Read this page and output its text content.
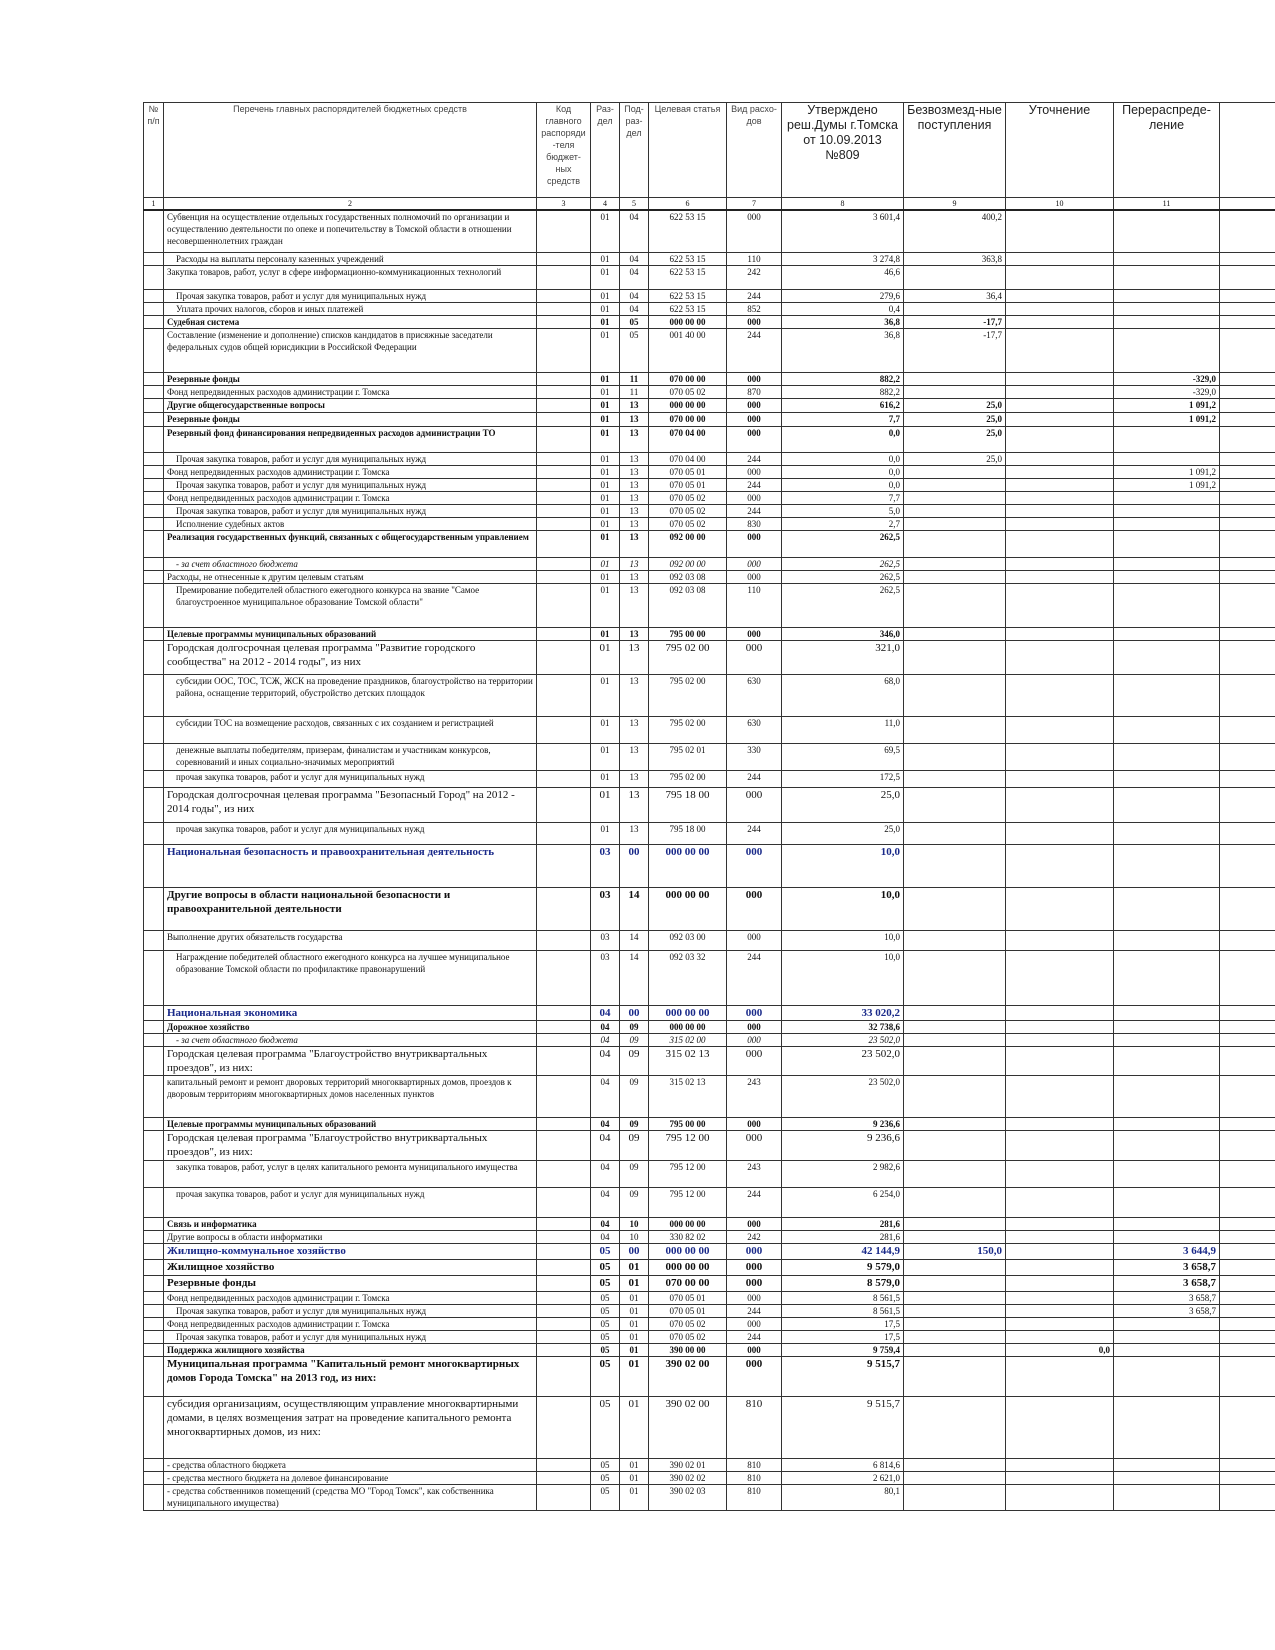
№ п/п	Перечень главных распорядителей бюджетных средств	Код главного распоряди-теля бюджет-ных средств	Раз-дел	Под-раз-дел	Целевая статья	Вид расхо-дов	Утверждено реш.Думы г.Томска от 10.09.2013 №809	Безвозмезд-ные поступления	Уточнение	Перераспреде-ление	
1	2	3	4	5	6	7	8	9	10	11	
	Субвенция на осуществление отдельных государственных полномочий по организации и осуществлению деятельности по опеке и попечительству в Томской области в отношении несовершеннолетних граждан		01	04	622 53 15	000	3 601,4	400,2			
	Расходы на выплаты персоналу казенных учреждений		01	04	622 53 15	110	3 274,8	363,8			
	Закупка товаров, работ, услуг в сфере информационно-коммуникационных технологий		01	04	622 53 15	242	46,6				
	Прочая закупка товаров, работ и услуг для муниципальных нужд		01	04	622 53 15	244	279,6	36,4			
	Уплата прочих налогов, сборов и иных платежей		01	04	622 53 15	852	0,4				
	Судебная система		01	05	000 00 00	000	36,8	-17,7			
	Составление (изменение и дополнение) списков кандидатов в присяжные заседатели федеральных судов общей юрисдикции в Российской Федерации		01	05	001 40 00	244	36,8	-17,7			
	Резервные фонды		01	11	070 00 00	000	882,2			-329,0	
	Фонд непредвиденных расходов администрации г. Томска		01	11	070 05 02	870	882,2			-329,0	
	Другие общегосударственные вопросы		01	13	000 00 00	000	616,2	25,0		1 091,2	
	Резервные фонды		01	13	070 00 00	000	7,7	25,0		1 091,2	
	Резервный фонд финансирования непредвиденных расходов администрации ТО		01	13	070 04 00	000	0,0	25,0			
	Прочая закупка товаров, работ и услуг для муниципальных нужд		01	13	070 04 00	244	0,0	25,0			
	Фонд непредвиденных расходов администрации г. Томска		01	13	070 05 01	000	0,0			1 091,2	
	Прочая закупка товаров, работ и услуг для муниципальных нужд		01	13	070 05 01	244	0,0			1 091,2	
	Фонд непредвиденных расходов администрации г. Томска		01	13	070 05 02	000	7,7				
	Прочая закупка товаров, работ и услуг для муниципальных нужд		01	13	070 05 02	244	5,0				
	Исполнение судебных актов		01	13	070 05 02	830	2,7				
	Реализация государственных функций, связанных с общегосударственным управлением		01	13	092 00 00	000	262,5				
	- за счет областного бюджета		01	13	092 00 00	000	262,5				
	Расходы, не отнесенные к другим целевым статьям		01	13	092 03 08	000	262,5				
	Премирование победителей областного ежегодного конкурса на звание "Самое благоустроенное муниципальное образование Томской области"		01	13	092 03 08	110	262,5				
	Целевые программы муниципальных образований		01	13	795 00 00	000	346,0				
	Городская долгосрочная целевая программа "Развитие городского сообщества" на 2012 - 2014 годы", из них		01	13	795 02 00	000	321,0				
	субсидии ООС, ТОС, ТСЖ, ЖСК на проведение праздников, благоустройство на территории района, оснащение территорий, обустройство детских площадок		01	13	795 02 00	630	68,0				
	субсидии ТОС на возмещение расходов, связанных с их созданием и регистрацией		01	13	795 02 00	630	11,0				
	денежные выплаты победителям, призерам, финалистам и участникам конкурсов, соревнований и иных социально-значимых мероприятий		01	13	795 02 01	330	69,5				
	прочая закупка товаров, работ и услуг для муниципальных нужд		01	13	795 02 00	244	172,5				
	Городская долгосрочная целевая программа "Безопасный Город" на 2012 - 2014 годы", из них		01	13	795 18 00	000	25,0				
	прочая закупка товаров, работ и услуг для муниципальных нужд		01	13	795 18 00	244	25,0				
	Национальная безопасность и правоохранительная деятельность		03	00	000 00 00	000	10,0				
	Другие вопросы в области национальной безопасности и правоохранительной деятельности		03	14	000 00 00	000	10,0				
	Выполнение других обязательств государства		03	14	092 03 00	000	10,0				
	Награждение победителей областного ежегодного конкурса на лучшее муниципальное образование Томской области по профилактике правонарушений		03	14	092 03 32	244	10,0				
	Национальная экономика		04	00	000 00 00	000	33 020,2				
	Дорожное хозяйство		04	09	000 00 00	000	32 738,6				
	- за счет областного бюджета		04	09	315 02 00	000	23 502,0				
	Городская целевая программа "Благоустройство внутриквартальных проездов", из них:		04	09	315 02 13	000	23 502,0				
	капитальный ремонт и ремонт дворовых территорий многоквартирных домов, проездов к дворовым территориям многоквартирных домов населенных пунктов		04	09	315 02 13	243	23 502,0				
	Целевые программы муниципальных образований		04	09	795 00 00	000	9 236,6				
	Городская целевая программа "Благоустройство внутриквартальных проездов", из них:		04	09	795 12 00	000	9 236,6				
	закупка товаров, работ, услуг в целях капитального ремонта муниципального имущества		04	09	795 12 00	243	2 982,6				
	прочая закупка товаров, работ и услуг для муниципальных нужд		04	09	795 12 00	244	6 254,0				
	Связь и информатика		04	10	000 00 00	000	281,6				
	Другие вопросы в области информатики		04	10	330 82 02	242	281,6				
	Жилищно-коммунальное хозяйство		05	00	000 00 00	000	42 144,9	150,0		3 644,9	
	Жилищное хозяйство		05	01	000 00 00	000	9 579,0			3 658,7	
	Резервные фонды		05	01	070 00 00	000	8 579,0			3 658,7	
	Фонд непредвиденных расходов администрации г. Томска		05	01	070 05 01	000	8 561,5			3 658,7	
	Прочая закупка товаров, работ и услуг для муниципальных нужд		05	01	070 05 01	244	8 561,5			3 658,7	
	Фонд непредвиденных расходов администрации г. Томска		05	01	070 05 02	000	17,5				
	Прочая закупка товаров, работ и услуг для муниципальных нужд		05	01	070 05 02	244	17,5				
	Поддержка жилищного хозяйства		05	01	390 00 00	000	9 759,4		0,0		
	Муниципальная программа "Капитальный ремонт многоквартирных домов Города Томска" на 2013 год, из них:		05	01	390 02 00	000	9 515,7				
	субсидия организациям, осуществляющим управление многоквартирными домами, в целях возмещения затрат на проведение капитального ремонта многоквартирных домов, из них:		05	01	390 02 00	810	9 515,7				
	- средства областного бюджета		05	01	390 02 01	810	6 814,6				
	- средства местного бюджета на долевое финансирование		05	01	390 02 02	810	2 621,0				
	- средства собственников помещений (средства МО "Город Томск", как собственника муниципального имущества)		05	01	390 02 03	810	80,1				
